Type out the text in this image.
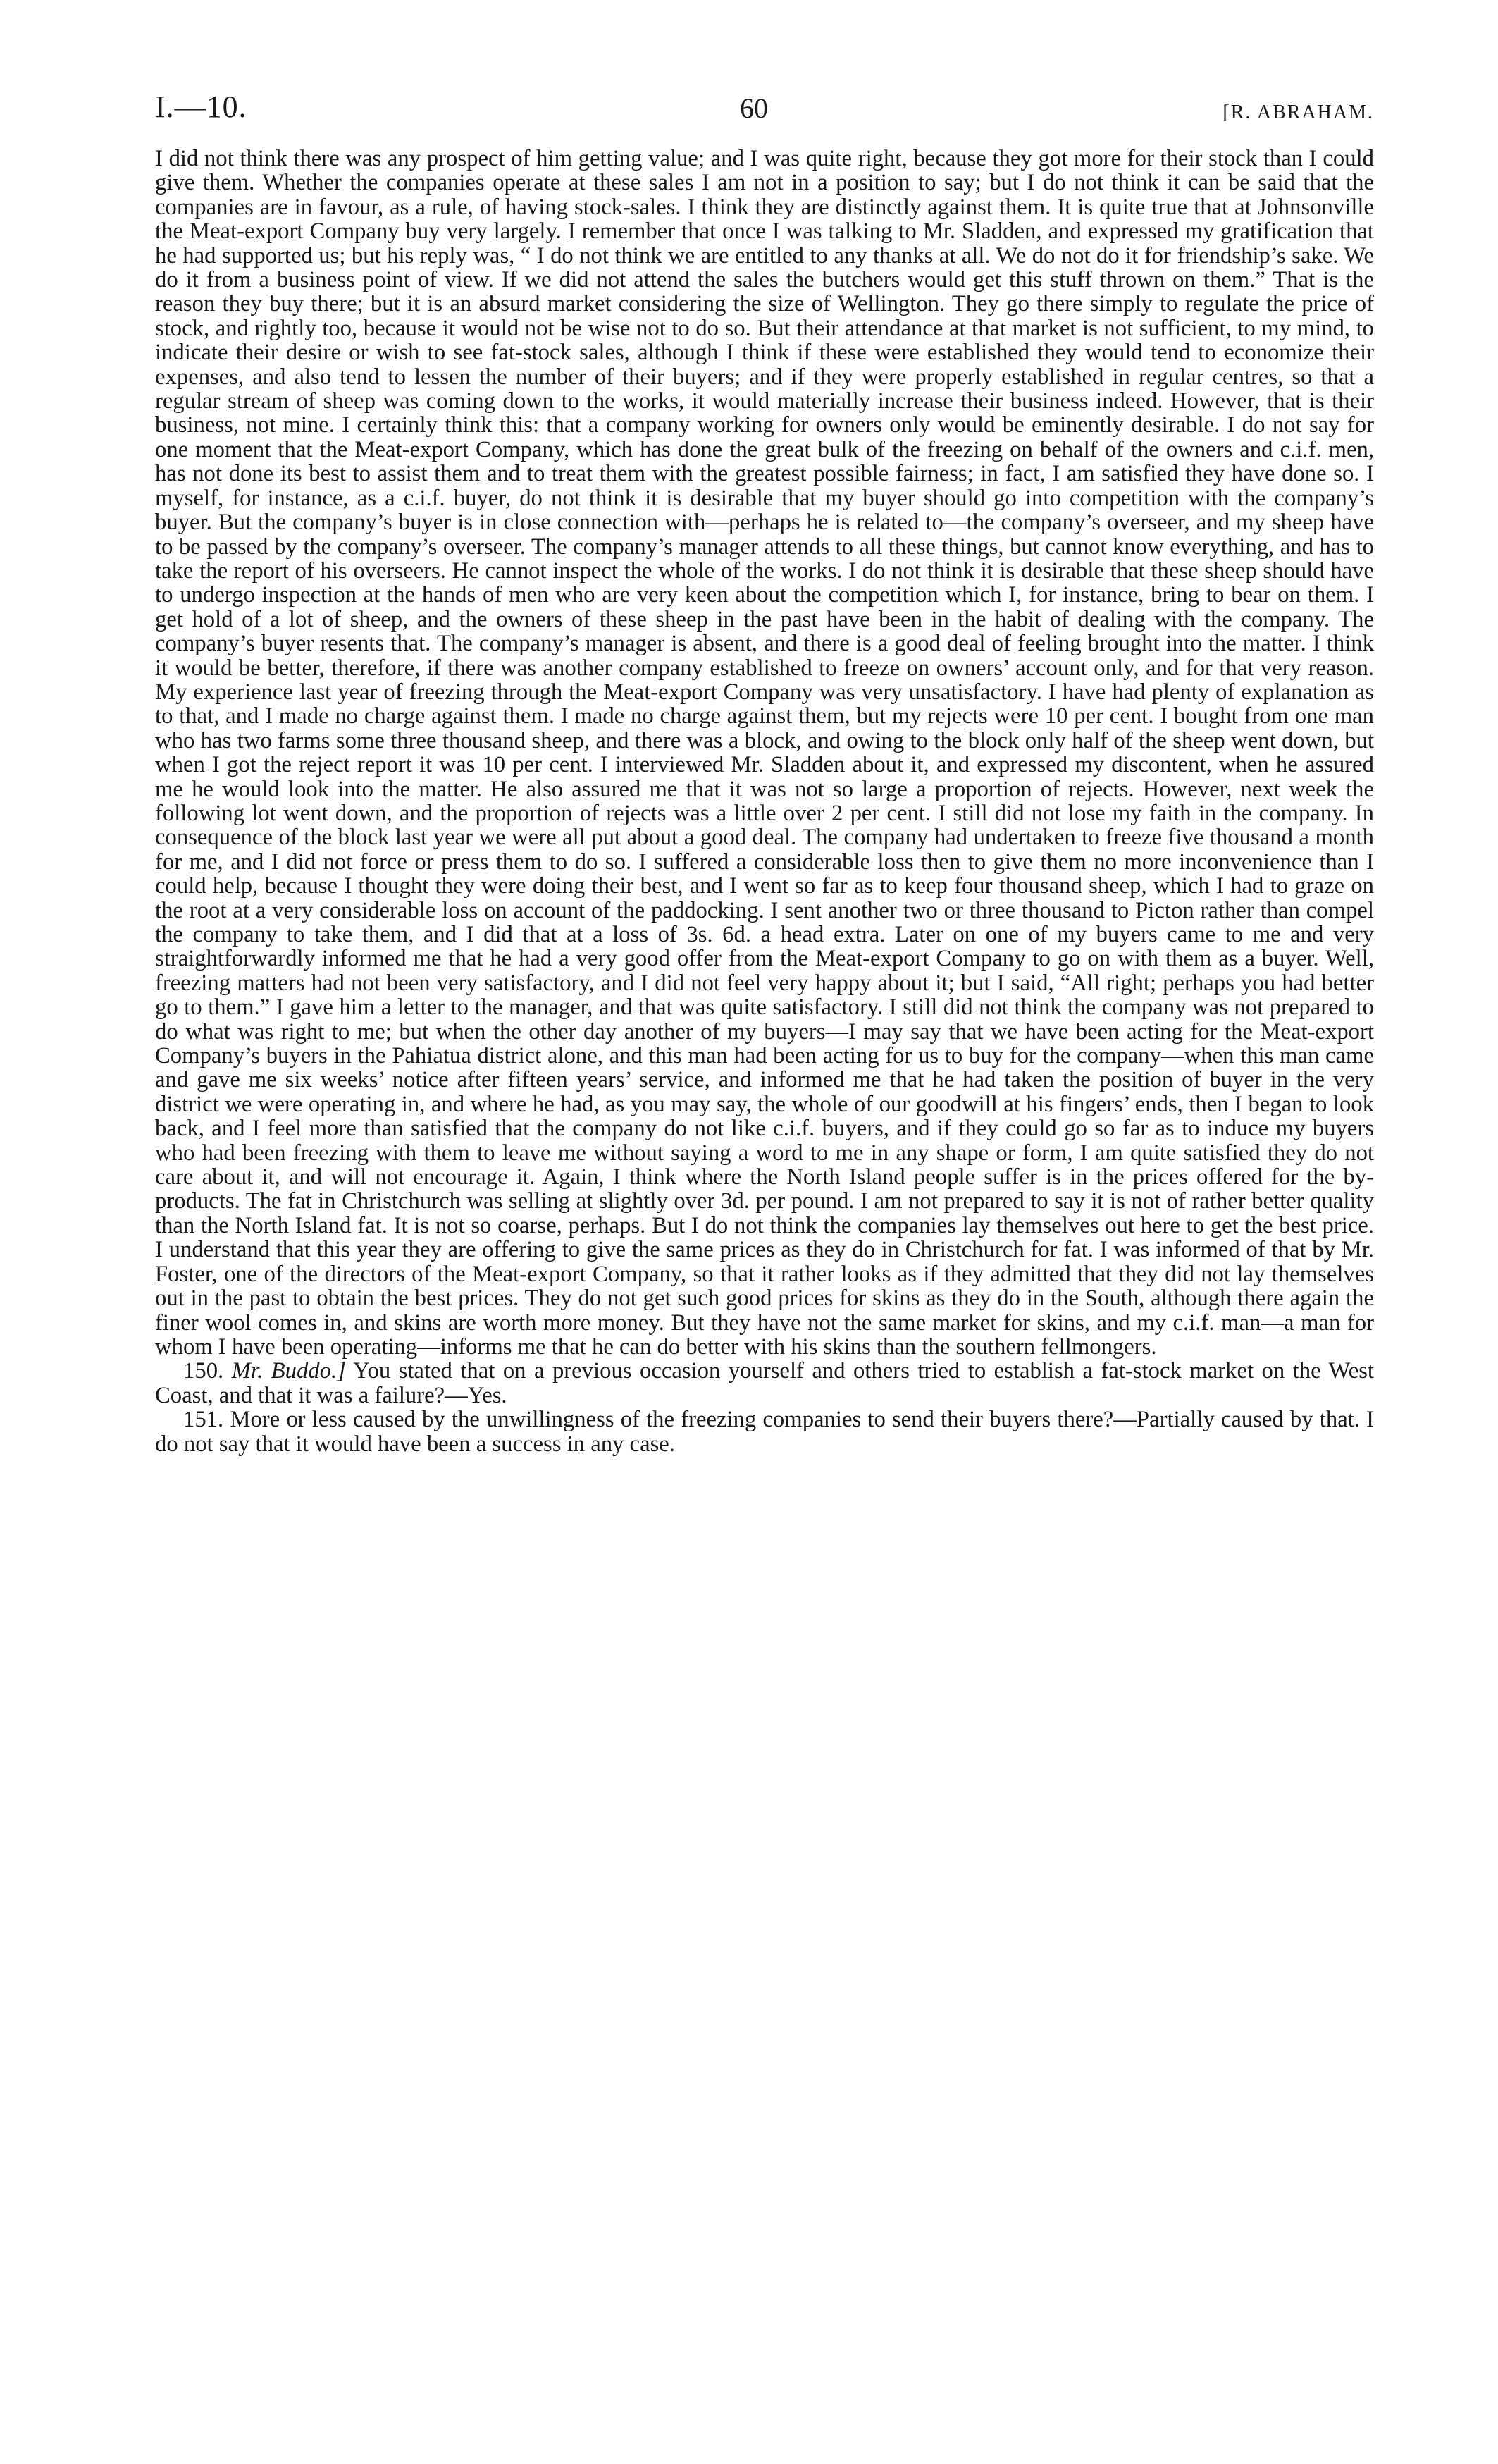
I.—10.	60	[R. ABRAHAM.

I did not think there was any prospect of him getting value; and I was quite right, because they got more for their stock than I could give them. Whether the companies operate at these sales I am not in a position to say; but I do not think it can be said that the companies are in favour, as a rule, of having stock-sales. I think they are distinctly against them. It is quite true that at Johnsonville the Meat-export Company buy very largely. I remember that once I was talking to Mr. Sladden, and expressed my gratification that he had supported us; but his reply was, “ I do not think we are entitled to any thanks at all. We do not do it for friendship’s sake. We do it from a business point of view. If we did not attend the sales the butchers would get this stuff thrown on them.” That is the reason they buy there; but it is an absurd market considering the size of Wellington. They go there simply to regulate the price of stock, and rightly too, because it would not be wise not to do so. But their attendance at that market is not sufficient, to my mind, to indicate their desire or wish to see fat-stock sales, although I think if these were established they would tend to economize their expenses, and also tend to lessen the number of their buyers; and if they were properly established in regular centres, so that a regular stream of sheep was coming down to the works, it would materially increase their business indeed. However, that is their business, not mine. I certainly think this: that a company working for owners only would be eminently desirable. I do not say for one moment that the Meat-export Company, which has done the great bulk of the freezing on behalf of the owners and c.i.f. men, has not done its best to assist them and to treat them with the greatest possible fairness; in fact, I am satisfied they have done so. I myself, for instance, as a c.i.f. buyer, do not think it is desirable that my buyer should go into competition with the company’s buyer. But the company’s buyer is in close connection with—perhaps he is related to—the company’s overseer, and my sheep have to be passed by the company’s overseer. The company’s manager attends to all these things, but cannot know everything, and has to take the report of his overseers. He cannot inspect the whole of the works. I do not think it is desirable that these sheep should have to undergo inspection at the hands of men who are very keen about the competition which I, for instance, bring to bear on them. I get hold of a lot of sheep, and the owners of these sheep in the past have been in the habit of dealing with the company. The company’s buyer resents that. The company’s manager is absent, and there is a good deal of feeling brought into the matter. I think it would be better, therefore, if there was another company established to freeze on owners’ account only, and for that very reason. My experience last year of freezing through the Meat-export Company was very unsatisfactory. I have had plenty of explanation as to that, and I made no charge against them. I made no charge against them, but my rejects were 10 per cent. I bought from one man who has two farms some three thousand sheep, and there was a block, and owing to the block only half of the sheep went down, but when I got the reject report it was 10 per cent. I interviewed Mr. Sladden about it, and expressed my discontent, when he assured me he would look into the matter. He also assured me that it was not so large a proportion of rejects. However, next week the following lot went down, and the proportion of rejects was a little over 2 per cent. I still did not lose my faith in the company. In consequence of the block last year we were all put about a good deal. The company had undertaken to freeze five thousand a month for me, and I did not force or press them to do so. I suffered a considerable loss then to give them no more inconvenience than I could help, because I thought they were doing their best, and I went so far as to keep four thousand sheep, which I had to graze on the root at a very considerable loss on account of the paddocking. I sent another two or three thousand to Picton rather than compel the company to take them, and I did that at a loss of 3s. 6d. a head extra. Later on one of my buyers came to me and very straightforwardly informed me that he had a very good offer from the Meat-export Company to go on with them as a buyer. Well, freezing matters had not been very satisfactory, and I did not feel very happy about it; but I said, “All right; perhaps you had better go to them.” I gave him a letter to the manager, and that was quite satisfactory. I still did not think the company was not prepared to do what was right to me; but when the other day another of my buyers—I may say that we have been acting for the Meat-export Company’s buyers in the Pahiatua district alone, and this man had been acting for us to buy for the company—when this man came and gave me six weeks’ notice after fifteen years’ service, and informed me that he had taken the position of buyer in the very district we were operating in, and where he had, as you may say, the whole of our goodwill at his fingers’ ends, then I began to look back, and I feel more than satisfied that the company do not like c.i.f. buyers, and if they could go so far as to induce my buyers who had been freezing with them to leave me without saying a word to me in any shape or form, I am quite satisfied they do not care about it, and will not encourage it. Again, I think where the North Island people suffer is in the prices offered for the by-products. The fat in Christchurch was selling at slightly over 3d. per pound. I am not prepared to say it is not of rather better quality than the North Island fat. It is not so coarse, perhaps. But I do not think the companies lay themselves out here to get the best price. I understand that this year they are offering to give the same prices as they do in Christchurch for fat. I was informed of that by Mr. Foster, one of the directors of the Meat-export Company, so that it rather looks as if they admitted that they did not lay themselves out in the past to obtain the best prices. They do not get such good prices for skins as they do in the South, although there again the finer wool comes in, and skins are worth more money. But they have not the same market for skins, and my c.i.f. man—a man for whom I have been operating—informs me that he can do better with his skins than the southern fellmongers.

150. Mr. Buddo.] You stated that on a previous occasion yourself and others tried to establish a fat-stock market on the West Coast, and that it was a failure?—Yes.

151. More or less caused by the unwillingness of the freezing companies to send their buyers there?—Partially caused by that. I do not say that it would have been a success in any case.
